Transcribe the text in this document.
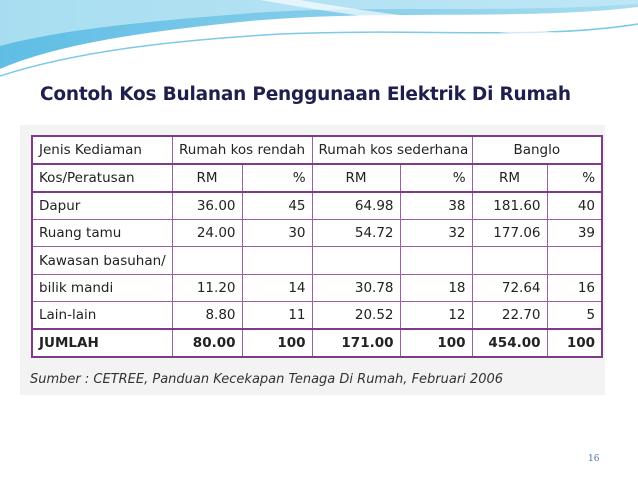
Contoh Kos Bulanan Penggunaan Elektrik Di Rumah
Jenis Kediaman	Rumah kos rendah		Rumah kos sederhana		Banglo	
Kos/Peratusan	RM	%	RM	%	RM	%
Dapur	36.00	45	64.98	38	181.60	40
Ruang tamu	24.00	30	54.72	32	177.06	39
Kawasan basuhan/						
bilik mandi	11.20	14	30.78	18	72.64	16
Lain-lain	8.80	11	20.52	12	22.70	5
JUMLAH	80.00	100	171.00	100	454.00	100
Sumber : CETREE, Panduan Kecekapan Tenaga Di Rumah, Februari 2006
16
